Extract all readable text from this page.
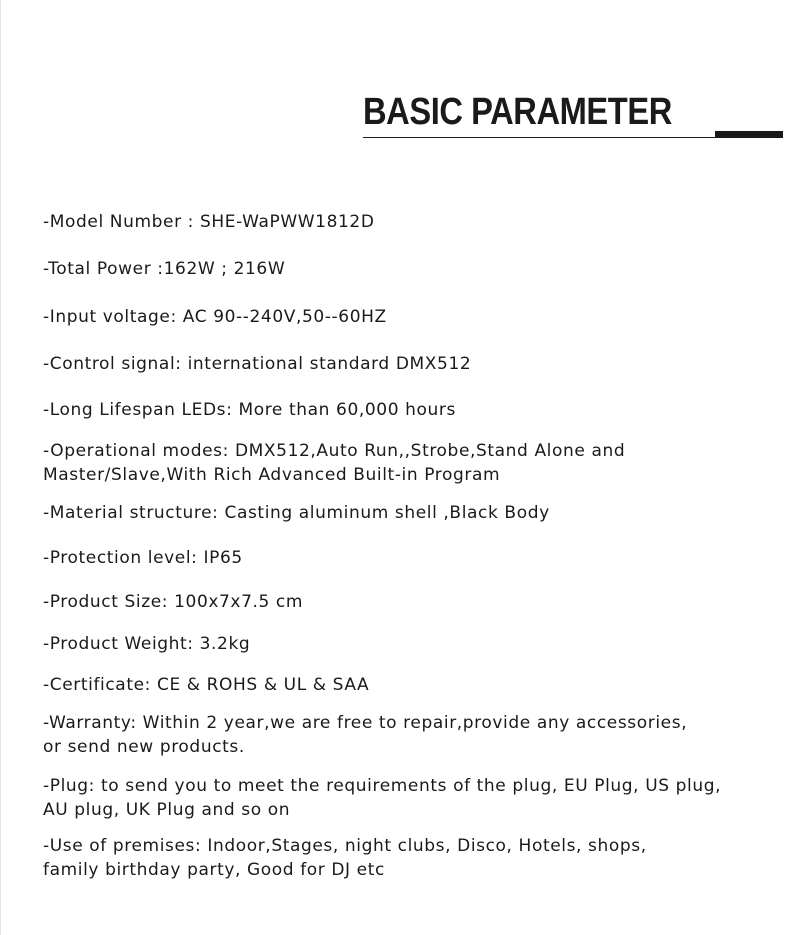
BASIC PARAMETER
-Model Number : SHE-WaPWW1812D
-Total Power :162W ; 216W
-Input voltage: AC 90--240V,50--60HZ
-Control signal: international standard DMX512
-Long Lifespan LEDs: More than 60,000 hours
-Operational modes: DMX512,Auto Run,,Strobe,Stand Alone and
Master/Slave,With Rich Advanced Built-in Program
-Material structure: Casting aluminum shell ,Black Body
-Protection level: IP65
-Product Size: 100x7x7.5 cm
-Product Weight: 3.2kg
-Certificate: CE & ROHS & UL & SAA
-Warranty: Within 2 year,we are free to repair,provide any accessories,
or send new products.
-Plug: to send you to meet the requirements of the plug, EU Plug, US plug,
AU plug, UK Plug and so on
-Use of premises: Indoor,Stages, night clubs, Disco, Hotels, shops,
family birthday party, Good for DJ etc
